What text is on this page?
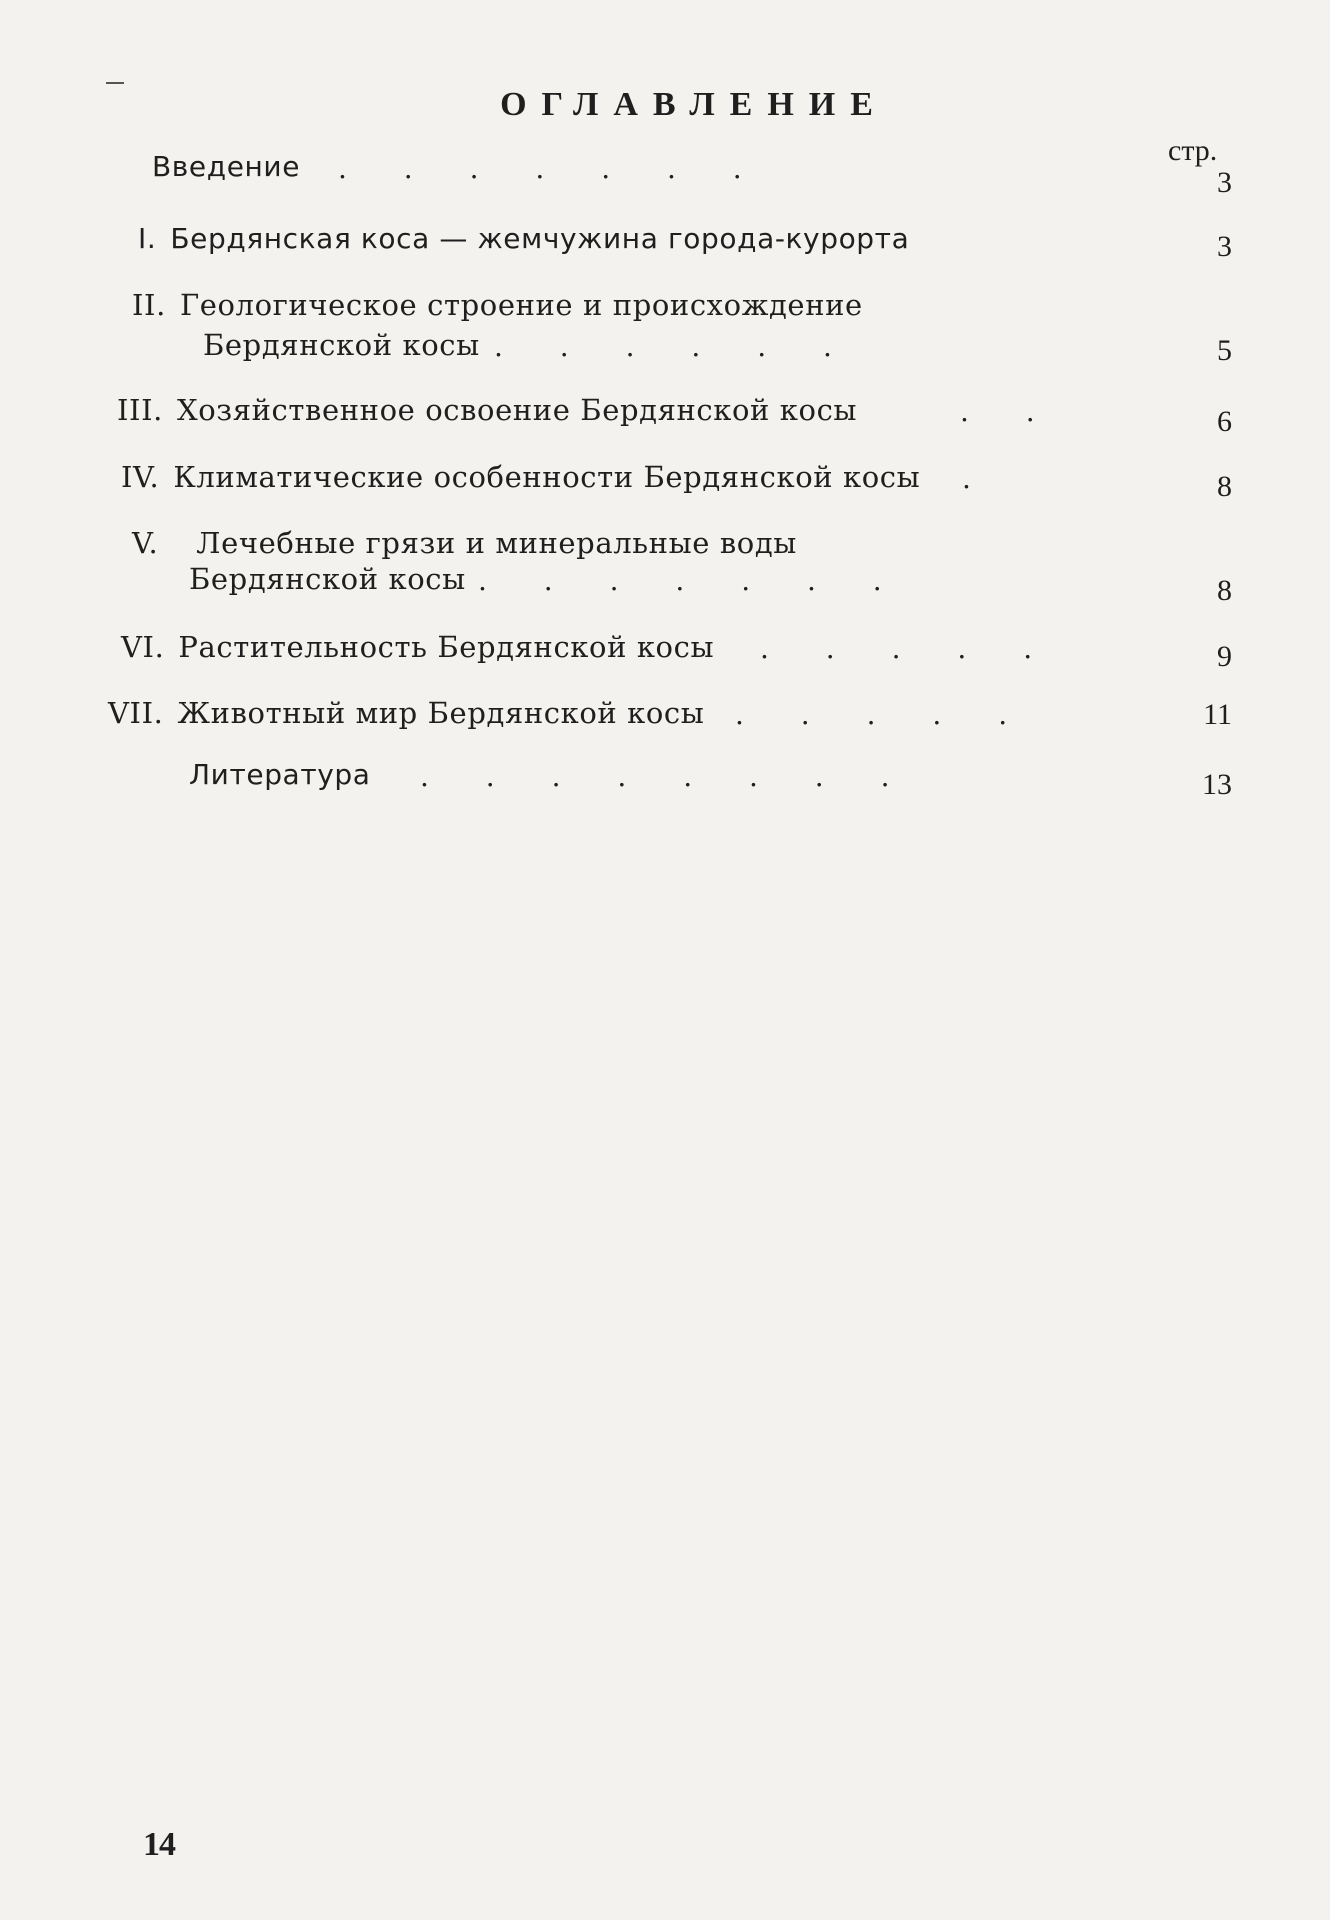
ОГЛАВЛЕНИЕ
стр.
Введение . . . . . . .	3
I. Бердянская коса — жемчужина города-курорта	3
II. Геологическое строение и происхождение
Бердянской косы . . . . . .	5
III. Хозяйственное освоение Бердянской косы	. .	6
IV. Климатические особенности Бердянской косы .	8
V. Лечебные грязи и минеральные воды
Бердянской косы . . . . . . .	8
VI. Растительность Бердянской косы . . . . .	9
VII. Животный мир Бердянской косы . . . . .	11
Литература . . . . . . . .	13
14
